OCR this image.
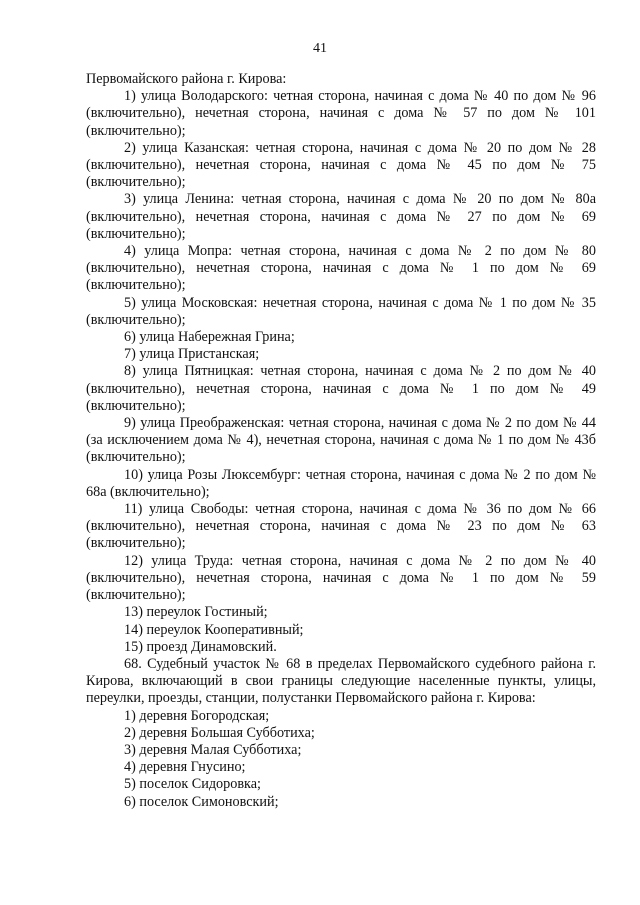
41

Первомайского района г. Кирова:

1) улица Володарского: четная сторона, начиная с дома № 40 по дом № 96 (включительно), нечетная сторона, начиная с дома № 57 по дом № 101 (включительно);

2) улица Казанская: четная сторона, начиная с дома № 20 по дом № 28 (включительно), нечетная сторона, начиная с дома № 45 по дом № 75 (включительно);

3) улица Ленина: четная сторона, начиная с дома № 20 по дом № 80а (включительно), нечетная сторона, начиная с дома № 27 по дом № 69 (включительно);

4) улица Мопра: четная сторона, начиная с дома № 2 по дом № 80 (включительно), нечетная сторона, начиная с дома № 1 по дом № 69 (включительно);

5) улица Московская: нечетная сторона, начиная с дома № 1 по дом № 35 (включительно);

6) улица Набережная Грина;

7) улица Пристанская;

8) улица Пятницкая: четная сторона, начиная с дома № 2 по дом № 40 (включительно), нечетная сторона, начиная с дома № 1 по дом № 49 (включительно);

9) улица Преображенская: четная сторона, начиная с дома № 2 по дом № 44 (за исключением дома № 4), нечетная сторона, начиная с дома № 1 по дом № 43б (включительно);

10) улица Розы Люксембург: четная сторона, начиная с дома № 2 по дом № 68а (включительно);

11) улица Свободы: четная сторона, начиная с дома № 36 по дом № 66 (включительно), нечетная сторона, начиная с дома № 23 по дом № 63 (включительно);

12) улица Труда: четная сторона, начиная с дома № 2 по дом № 40 (включительно), нечетная сторона, начиная с дома № 1 по дом № 59 (включительно);

13) переулок Гостиный;

14) переулок Кооперативный;

15) проезд Динамовский.

68. Судебный участок № 68 в пределах Первомайского судебного района г. Кирова, включающий в свои границы следующие населенные пункты, улицы, переулки, проезды, станции, полустанки Первомайского района г. Кирова:

1) деревня Богородская;

2) деревня Большая Субботиха;

3) деревня Малая Субботиха;

4) деревня Гнусино;

5) поселок Сидоровка;

6) поселок Симоновский;
